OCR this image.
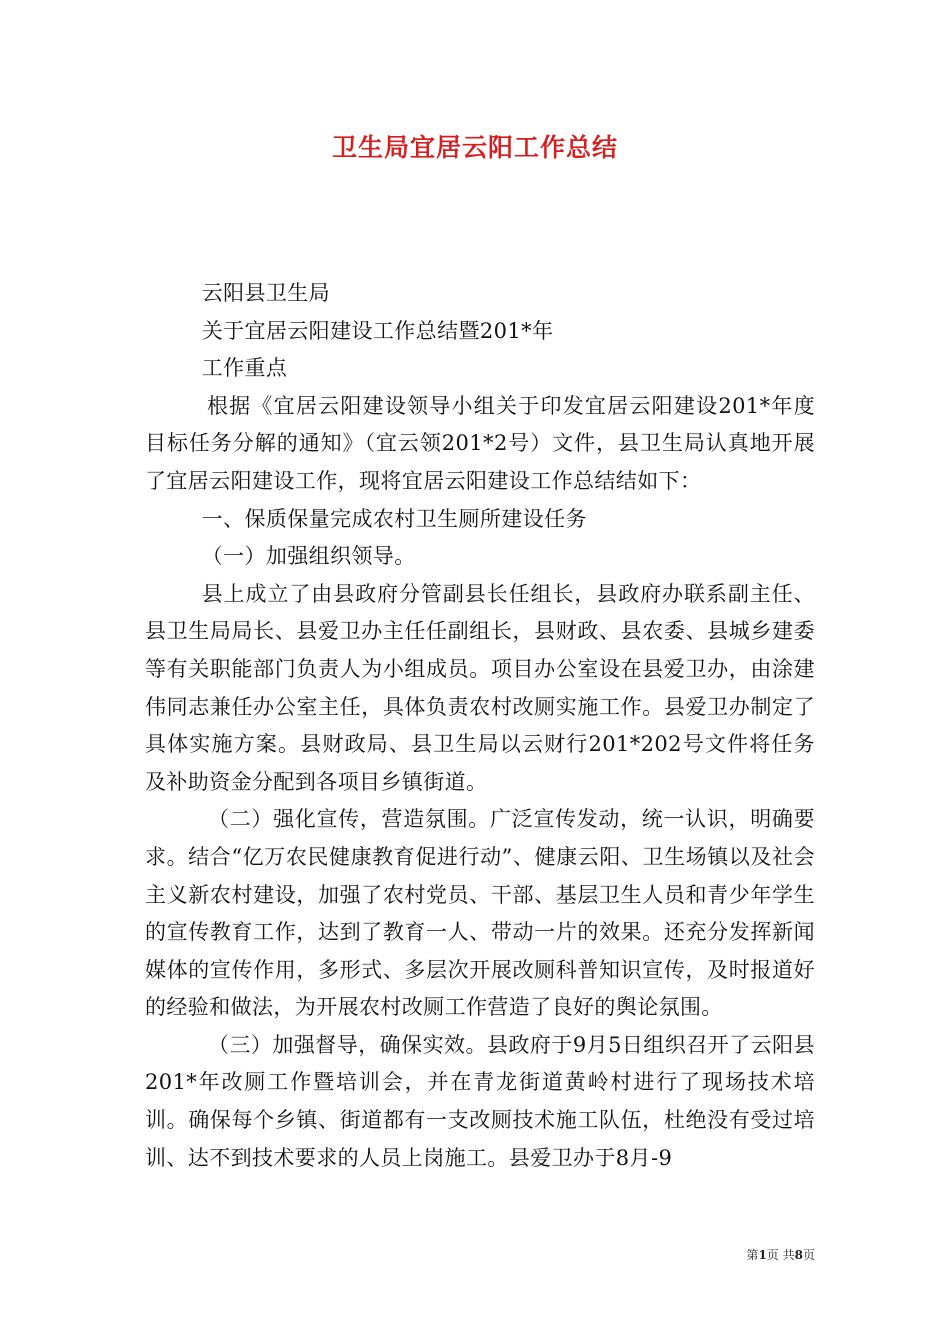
卫生局宜居云阳工作总结

云阳县卫生局

关于宜居云阳建设工作总结暨201*年

工作重点

根据《宜居云阳建设领导小组关于印发宜居云阳建设201*年度目标任务分解的通知》（宜云领201*2号）文件，县卫生局认真地开展了宜居云阳建设工作，现将宜居云阳建设工作总结结如下：

一、保质保量完成农村卫生厕所建设任务

（一）加强组织领导。

县上成立了由县政府分管副县长任组长，县政府办联系副主任、县卫生局局长、县爱卫办主任任副组长，县财政、县农委、县城乡建委等有关职能部门负责人为小组成员。项目办公室设在县爱卫办，由涂建伟同志兼任办公室主任，具体负责农村改厕实施工作。县爱卫办制定了具体实施方案。县财政局、县卫生局以云财行201*202号文件将任务及补助资金分配到各项目乡镇街道。

（二）强化宣传，营造氛围。广泛宣传发动，统一认识，明确要求。结合“亿万农民健康教育促进行动”、健康云阳、卫生场镇以及社会主义新农村建设，加强了农村党员、干部、基层卫生人员和青少年学生的宣传教育工作，达到了教育一人、带动一片的效果。还充分发挥新闻媒体的宣传作用，多形式、多层次开展改厕科普知识宣传，及时报道好的经验和做法，为开展农村改厕工作营造了良好的舆论氛围。

（三）加强督导，确保实效。县政府于9月5日组织召开了云阳县201*年改厕工作暨培训会，并在青龙街道黄岭村进行了现场技术培训。确保每个乡镇、街道都有一支改厕技术施工队伍，杜绝没有受过培训、达不到技术要求的人员上岗施工。县爱卫办于8月-9

第1页 共8页
